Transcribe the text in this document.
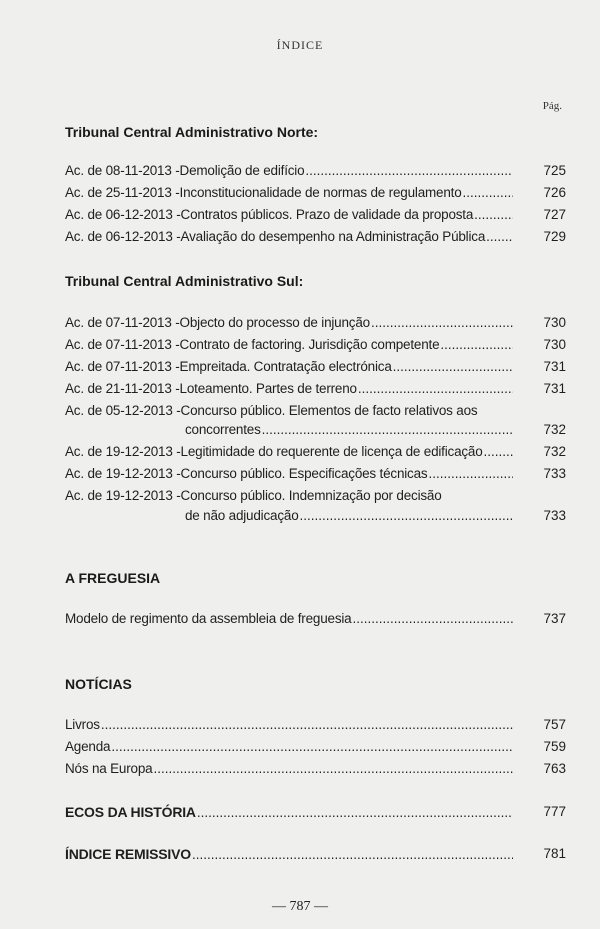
ÍNDICE
Pág.
Tribunal Central Administrativo Norte:
Ac. de 08-11-2013 - Demolição de edifício .....	725
Ac. de 25-11-2013 - Inconstitucionalidade de normas de regulamento .....	726
Ac. de 06-12-2013 - Contratos públicos. Prazo de validade da proposta .....	727
Ac. de 06-12-2013 - Avaliação do desempenho na Administração Pública .....	729
Tribunal Central Administrativo Sul:
Ac. de 07-11-2013 - Objecto do processo de injunção .....	730
Ac. de 07-11-2013 - Contrato de factoring. Jurisdição competente .....	730
Ac. de 07-11-2013 - Empreitada. Contratação electrónica .....	731
Ac. de 21-11-2013 - Loteamento. Partes de terreno .....	731
Ac. de 05-12-2013 - Concurso público. Elementos de facto relativos aos
concorrentes .....	732
Ac. de 19-12-2013 - Legitimidade do requerente de licença de edificação .....	732
Ac. de 19-12-2013 - Concurso público. Especificações técnicas .....	733
Ac. de 19-12-2013 - Concurso público. Indemnização por decisão
de não adjudicação .....	733
A FREGUESIA
Modelo de regimento da assembleia de freguesia .....	737
NOTÍCIAS
Livros .....	757
Agenda .....	759
Nós na Europa .....	763
ECOS DA HISTÓRIA .....	777
ÍNDICE REMISSIVO .....	781
— 787 —
